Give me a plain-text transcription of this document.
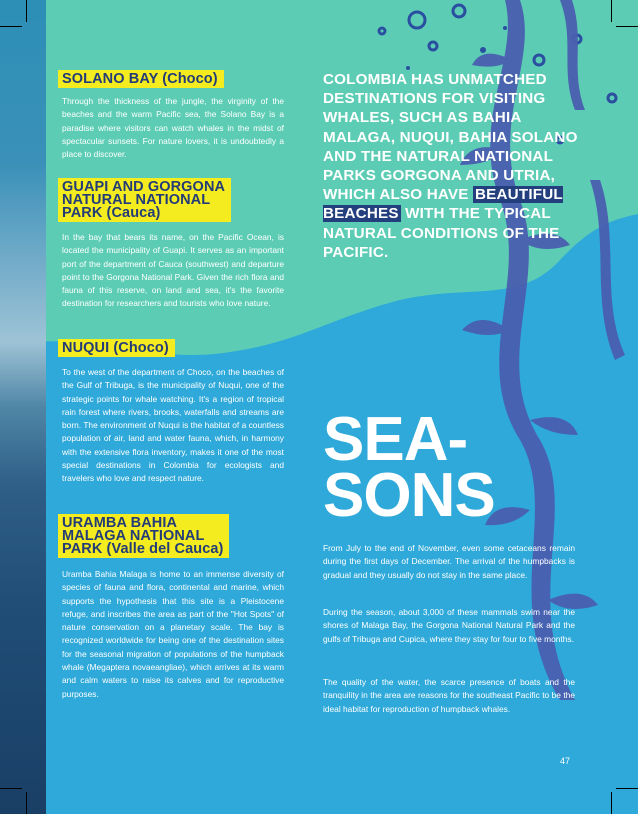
SOLANO BAY (Choco)
Through the thickness of the jungle, the virginity of the beaches and the warm Pacific sea, the Solano Bay is a paradise where visitors can watch whales in the midst of spectacular sunsets. For nature lovers, it is undoubtedly a place to discover.
GUAPI AND GORGONA
NATURAL NATIONAL
PARK (Cauca)
In the bay that bears its name, on the Pacific Ocean, is located the municipality of Guapi. It serves as an important port of the department of Cauca (southwest) and departure point to the Gorgona National Park. Given the rich flora and fauna of this reserve, on land and sea, it's the favorite destination for researchers and tourists who love nature.
NUQUI (Choco)
To the west of the department of Choco, on the beaches of the Gulf of Tribuga, is the municipality of Nuqui, one of the strategic points for whale watching. It's a region of tropical rain forest where rivers, brooks, waterfalls and streams are born. The environment of Nuqui is the habitat of a countless population of air, land and water fauna, which, in harmony with the extensive flora inventory, makes it one of the most special destinations in Colombia for ecologists and travelers who love and respect nature.
URAMBA BAHIA
MALAGA NATIONAL
PARK (Valle del Cauca)
Uramba Bahia Malaga is home to an immense diversity of species of fauna and flora, continental and marine, which supports the hypothesis that this site is a Pleistocene refuge, and inscribes the area as part of the "Hot Spots" of nature conservation on a planetary scale. The bay is recognized worldwide for being one of the destination sites for the seasonal migration of populations of the humpback whale (Megaptera novaeangliae), which arrives at its warm and calm waters to raise its calves and for reproductive purposes.
COLOMBIA HAS UNMATCHED DESTINATIONS FOR VISITING WHALES, SUCH AS BAHIA MALAGA, NUQUI, BAHIA SOLANO AND THE NATURAL NATIONAL PARKS GORGONA AND UTRIA, WHICH ALSO HAVE BEAUTIFUL BEACHES WITH THE TYPICAL NATURAL CONDITIONS OF THE PACIFIC.
SEA-
SONS
From July to the end of November, even some cetaceans remain during the first days of December. The arrival of the humpbacks is gradual and they usually do not stay in the same place.
During the season, about 3,000 of these mammals swim near the shores of Malaga Bay, the Gorgona National Natural Park and the gulfs of Tribuga and Cupica, where they stay for four to five months.
The quality of the water, the scarce presence of boats and the tranquility in the area are reasons for the southeast Pacific to be the ideal habitat for reproduction of humpback whales.
47
